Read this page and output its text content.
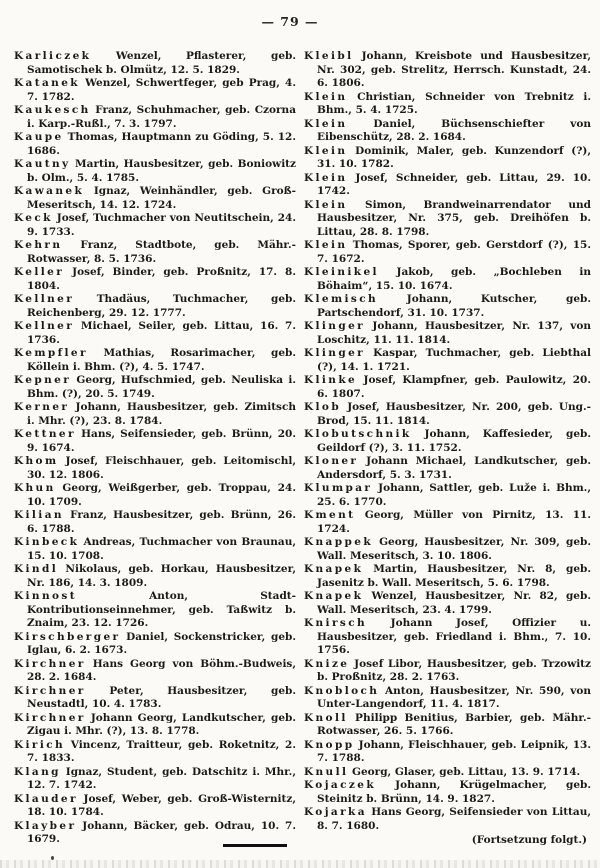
— 79 —

Karliczek Wenzel, Pflasterer, geb. Samotischek b. Olmütz, 12. 5. 1829.

Katanek Wenzel, Schwertfeger, geb Prag, 4. 7. 1782.

Kaukesch Franz, Schuhmacher, geb. Czorna i. Karp.-Rußl., 7. 3. 1797.

Kaupe Thomas, Hauptmann zu Göding, 5. 12. 1686.

Kautny Martin, Hausbesitzer, geb. Boniowitz b. Olm., 5. 4. 1785.

Kawanek Ignaz, Weinhändler, geb. Groß-Meseritsch, 14. 12. 1724.

Keck Josef, Tuchmacher von Neutitschein, 24. 9. 1733.

Kehrn Franz, Stadtbote, geb. Mähr.-Rotwasser, 8. 5. 1736.

Keller Josef, Binder, geb. Proßnitz, 17. 8. 1804.

Kellner Thadäus, Tuchmacher, geb. Reichenberg, 29. 12. 1777.

Kellner Michael, Seiler, geb. Littau, 16. 7. 1736.

Kempfler Mathias, Rosarimacher, geb. Köllein i. Bhm. (?), 4. 5. 1747.

Kepner Georg, Hufschmied, geb. Neuliska i. Bhm. (?), 20. 5. 1749.

Kerner Johann, Hausbesitzer, geb. Zimitsch i. Mhr. (?), 23. 8. 1784.

Kettner Hans, Seifensieder, geb. Brünn, 20. 9. 1674.

Khom Josef, Fleischhauer, geb. Leitomischl, 30. 12. 1806.

Khun Georg, Weißgerber, geb. Troppau, 24. 10. 1709.

Kilian Franz, Hausbesitzer, geb. Brünn, 26. 6. 1788.

Kinbeck Andreas, Tuchmacher von Braunau, 15. 10. 1708.

Kindl Nikolaus, geb. Horkau, Hausbesitzer, Nr. 186, 14. 3. 1809.

Kinnost Anton, Stadt-Kontributionseinnehmer, geb. Taßwitz b. Znaim, 23. 12. 1726.

Kirschberger Daniel, Sockenstricker, geb. Iglau, 6. 2. 1673.

Kirchner Hans Georg von Böhm.-Budweis, 28. 2. 1684.

Kirchner Peter, Hausbesitzer, geb. Neustadtl, 10. 4. 1783.

Kirchner Johann Georg, Landkutscher, geb. Zigau i. Mhr. (?), 13. 8. 1778.

Kirich Vincenz, Traitteur, geb. Roketnitz, 2. 7. 1833.

Klang Ignaz, Student, geb. Datschitz i. Mhr., 12. 7. 1742.

Klauder Josef, Weber, geb. Groß-Wisternitz, 18. 10. 1784.

Klayber Johann, Bäcker, geb. Odrau, 10. 7. 1679.

Kleibl Johann, Kreisbote und Hausbesitzer, Nr. 302, geb. Strelitz, Herrsch. Kunstadt, 24. 6. 1806.

Klein Christian, Schneider von Trebnitz i. Bhm., 5. 4. 1725.

Klein Daniel, Büchsenschiefter von Eibenschütz, 28. 2. 1684.

Klein Dominik, Maler, geb. Kunzendorf (?), 31. 10. 1782.

Klein Josef, Schneider, geb. Littau, 29. 10. 1742.

Klein Simon, Brandweinarrendator und Hausbesitzer, Nr. 375, geb. Dreihöfen b. Littau, 28. 8. 1798.

Klein Thomas, Sporer, geb. Gerstdorf (?), 15. 7. 1672.

Kleinikel Jakob, geb. „Bochleben in Böhaim“, 15. 10. 1674.

Klemisch Johann, Kutscher, geb. Partschendorf, 31. 10. 1737.

Klinger Johann, Hausbesitzer, Nr. 137, von Loschitz, 11. 11. 1814.

Klinger Kaspar, Tuchmacher, geb. Liebthal (?), 14. 1. 1721.

Klinke Josef, Klampfner, geb. Paulowitz, 20. 6. 1807.

Klob Josef, Hausbesitzer, Nr. 200, geb. Ung.-Brod, 15. 11. 1814.

Klobutschnik Johann, Kaffesieder, geb. Geildorf (?), 3. 11. 1752.

Kloner Johann Michael, Landkutscher, geb. Andersdorf, 5. 3. 1731.

Klumpar Johann, Sattler, geb. Luže i. Bhm., 25. 6. 1770.

Kment Georg, Müller von Pirnitz, 13. 11. 1724.

Knappek Georg, Hausbesitzer, Nr. 309, geb. Wall. Meseritsch, 3. 10. 1806.

Knapek Martin, Hausbesitzer, Nr. 8, geb. Jasenitz b. Wall. Meseritsch, 5. 6. 1798.

Knapek Wenzel, Hausbesitzer, Nr. 82, geb. Wall. Meseritsch, 23. 4. 1799.

Knirsch Johann Josef, Offizier u. Hausbesitzer, geb. Friedland i. Bhm., 7. 10. 1756.

Knize Josef Libor, Hausbesitzer, geb. Trzowitz b. Proßnitz, 28. 2. 1763.

Knobloch Anton, Hausbesitzer, Nr. 590, von Unter-Langendorf, 11. 4. 1817.

Knoll Philipp Benitius, Barbier, geb. Mähr.-Rotwasser, 26. 5. 1766.

Knopp Johann, Fleischhauer, geb. Leipnik, 13. 7. 1788.

Knull Georg, Glaser, geb. Littau, 13. 9. 1714.

Kojaczek Johann, Krügelmacher, geb. Steinitz b. Brünn, 14. 9. 1827.

Kojarka Hans Georg, Seifensieder von Littau, 8. 7. 1680.

(Fortsetzung folgt.)
